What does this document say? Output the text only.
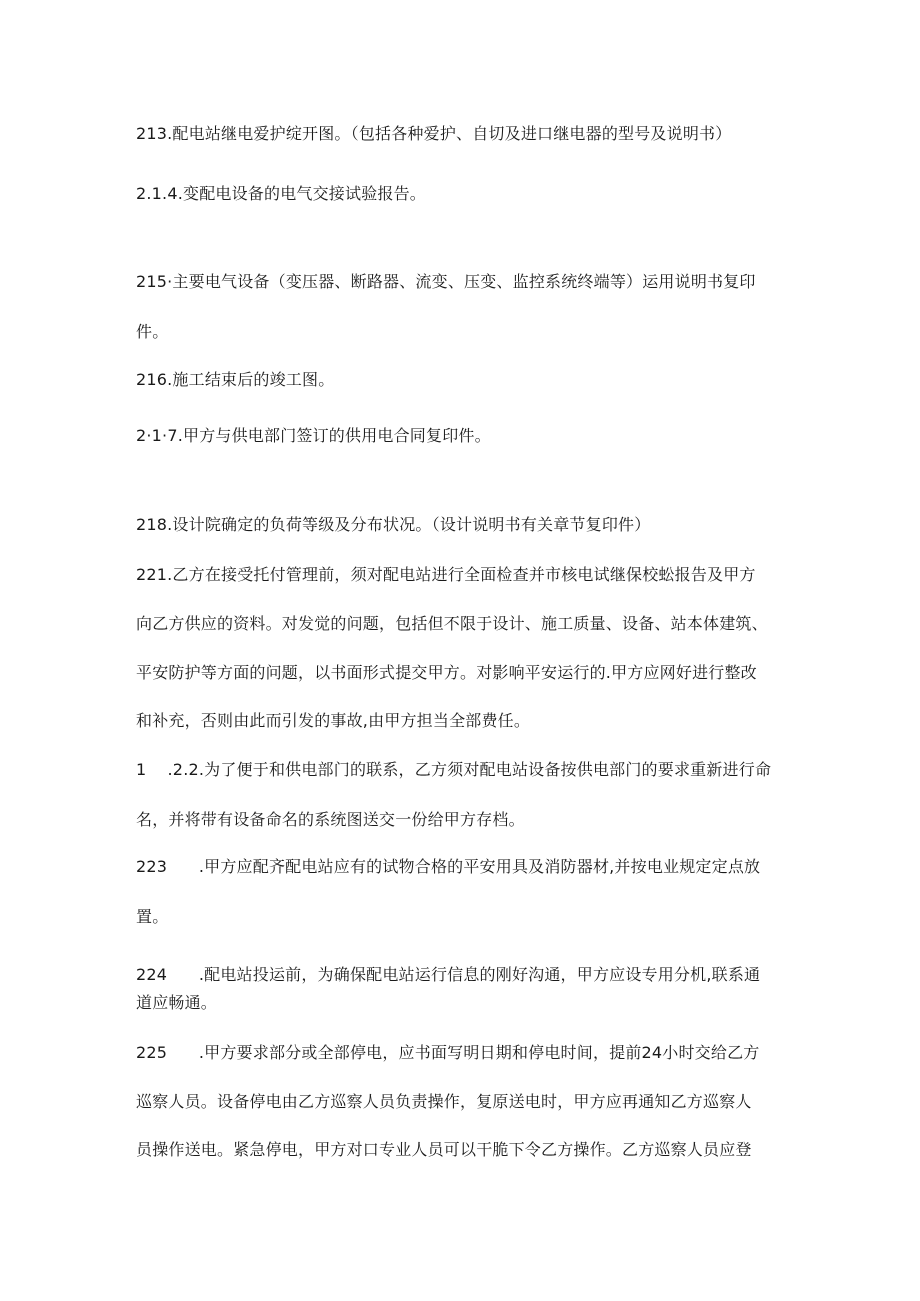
213.配电站继电爱护绽开图。（包括各种爱护、自切及进口继电器的型号及说明书）
2.1.4.变配电设备的电气交接试验报告。
215·主要电气设备（变压器、断路器、流变、压变、监控系统终端等）运用说明书复印
件。
216.施工结束后的竣工图。
2·1·7.甲方与供电部门签订的供用电合同复印件。
218.设计院确定的负荷等级及分布状况。（设计说明书有关章节复印件）
221.乙方在接受托付管理前，须对配电站进行全面检查并市核电试继保校蚣报告及甲方
向乙方供应的资料。对发觉的问题，包括但不限于设计、施工质量、设备、站本体建筑、
平安防护等方面的问题，以书面形式提交甲方。对影响平安运行的.甲方应网好进行整改
和补充，否则由此而引发的事故,由甲方担当全部费任。
1    .2.2.为了便于和供电部门的联系，乙方须对配电站设备按供电部门的要求重新进行命
名，并将带有设备命名的系统图送交一份给甲方存档。
223      .甲方应配齐配电站应有的试物合格的平安用具及消防器材,并按电业规定定点放
置。
224      .配电站投运前，为确保配电站运行信息的刚好沟通，甲方应设专用分机,联系通
道应畅通。
225      .甲方要求部分或全部停电，应书面写明日期和停电时间，提前24小时交给乙方
巡察人员。设备停电由乙方巡察人员负责操作，复原送电时，甲方应再通知乙方巡察人
员操作送电。紧急停电，甲方对口专业人员可以干脆下令乙方操作。乙方巡察人员应登
